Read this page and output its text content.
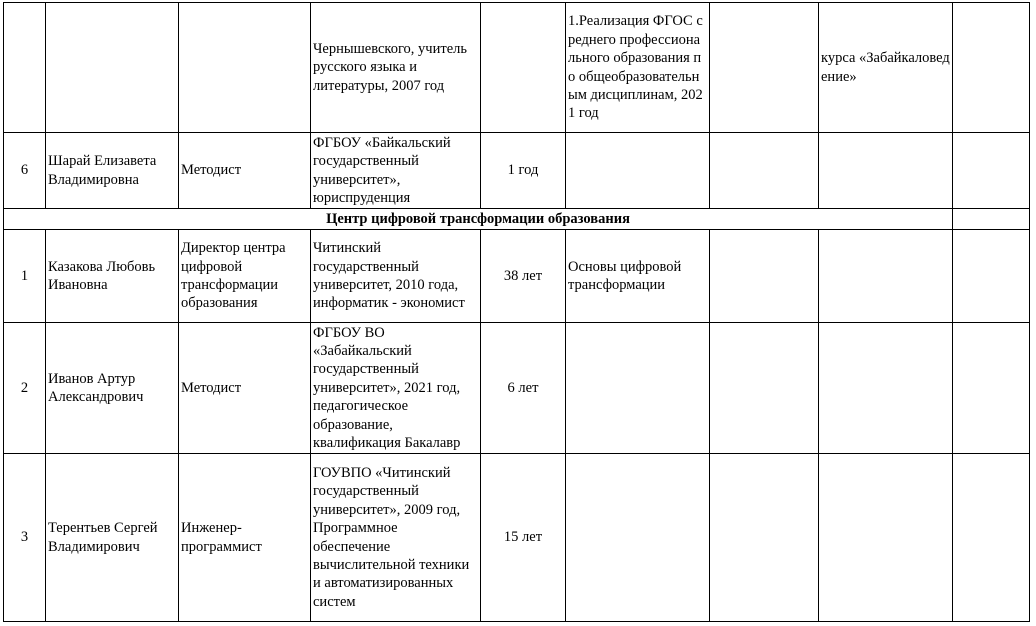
			Чернышевского, учитель русского языка и литературы, 2007 год		1.Реализация ФГОС среднего профессионального образования по общеобразовательным дисциплинам, 2021 год		курса «Забайкаловедение»	
6	Шарай Елизавета Владимировна	Методист	ФГБОУ «Байкальский государственный университет», юриспруденция	1 год				
Центр цифровой трансформации образования								
1	Казакова Любовь Ивановна	Директор центра цифровой трансформации образования	Читинский государственный университет, 2010 года, информатик - экономист	38 лет	Основы цифровой трансформации			
2	Иванов Артур Александрович	Методист	ФГБОУ ВО «Забайкальский государственный университет», 2021 год, педагогическое образование, квалификация Бакалавр	6 лет				
3	Терентьев Сергей Владимирович	Инженер-программист	ГОУВПО «Читинский государственный университет», 2009 год, Программное обеспечение вычислительной техники и автоматизированных систем	15 лет				
